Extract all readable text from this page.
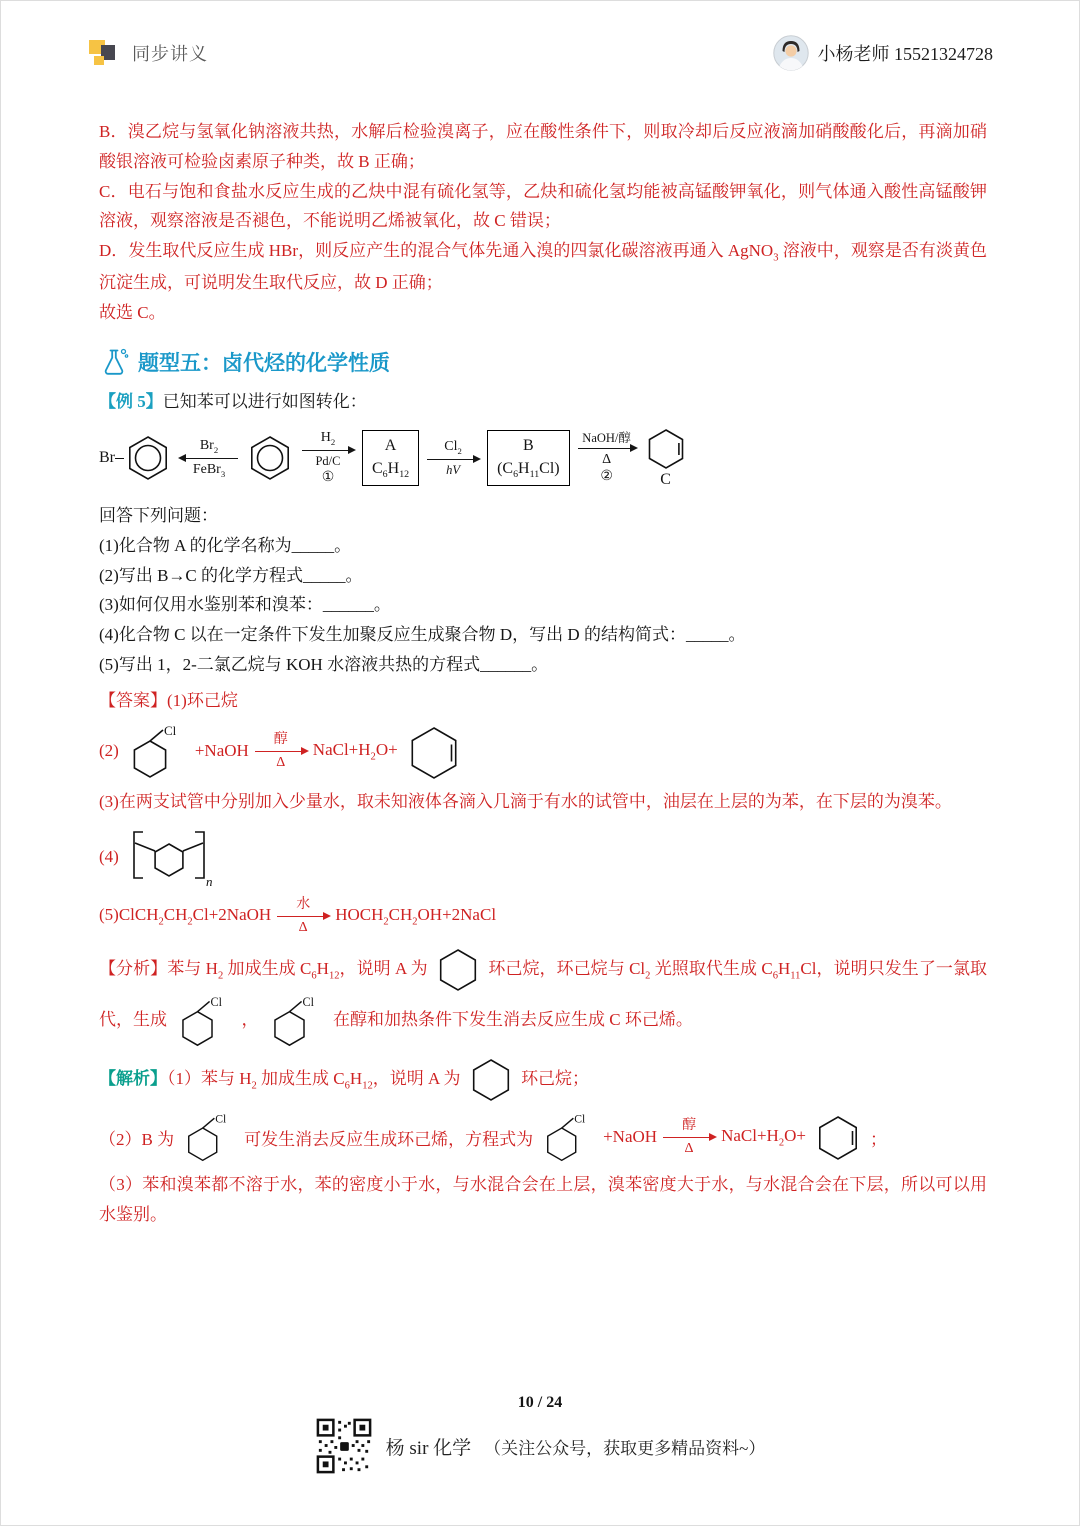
同步讲义	小杨老师 15521324728

B．溴乙烷与氢氧化钠溶液共热，水解后检验溴离子，应在酸性条件下，则取冷却后反应液滴加硝酸酸化后，再滴加硝酸银溶液可检验卤素原子种类，故 B 正确；

C．电石与饱和食盐水反应生成的乙炔中混有硫化氢等，乙炔和硫化氢均能被高锰酸钾氧化，则气体通入酸性高锰酸钾溶液，观察溶液是否褪色，不能说明乙烯被氧化，故 C 错误；

D．发生取代反应生成 HBr，则反应产生的混合气体先通入溴的四氯化碳溶液再通入 AgNO$_3$ 溶液中，观察是否有淡黄色沉淀生成，可说明发生取代反应，故 D 正确；

故选 C。

题型五：卤代烃的化学性质

【例 5】已知苯可以进行如图转化：

Br
$Br_2$
FeBr$_3$
$H_2$
Pd/C
①
A
$C_6H_{12}$
$Cl_2$
hV
B
$(C_6H_{11}Cl)$
NaOH/醇
Δ
②	C

回答下列问题：

(1)化合物 A 的化学名称为_____。

(2)写出 B→C 的化学方程式_____。

(3)如何仅用水鉴别苯和溴苯：______。

(4)化合物 C 以在一定条件下发生加聚反应生成聚合物 D，写出 D 的结构简式：_____。

(5)写出 1，2-二氯乙烷与 KOH 水溶液共热的方程式______。

【答案】(1)环己烷

(2)
Cl
+NaOH
醇
Δ
$NaCl+H_2O+$

(3)在两支试管中分别加入少量水，取未知液体各滴入几滴于有水的试管中，油层在上层的为苯，在下层的为溴苯。

(4)
n
$(5)ClCH_2CH_2Cl+2NaOH$
水
Δ
$HOCH_2CH_2OH+2NaCl$

【分析】苯与 $H_2$ 加成生成 $C_6H_{12}$，说明 A 为	环己烷，环己烷与 $Cl_2$ 光照取代生成 $C_6H_{11}Cl$，说明只发生了一氯取代，生成
Cl
，
Cl
在醇和加热条件下发生消去反应生成 C 环己烯。

【解析】（1）苯与 $H_2$ 加成生成 $C_6H_{12}$，说明 A 为	环己烷；

（2）B 为
Cl
可发生消去反应生成环己烯，方程式为
Cl
+NaOH
醇
Δ
$NaCl+H_2O+$	；

（3）苯和溴苯都不溶于水，苯的密度小于水，与水混合会在上层，溴苯密度大于水，与水混合会在下层，所以可以用水鉴别。

10 / 24
杨 sir 化学 （关注公众号，获取更多精品资料~）
